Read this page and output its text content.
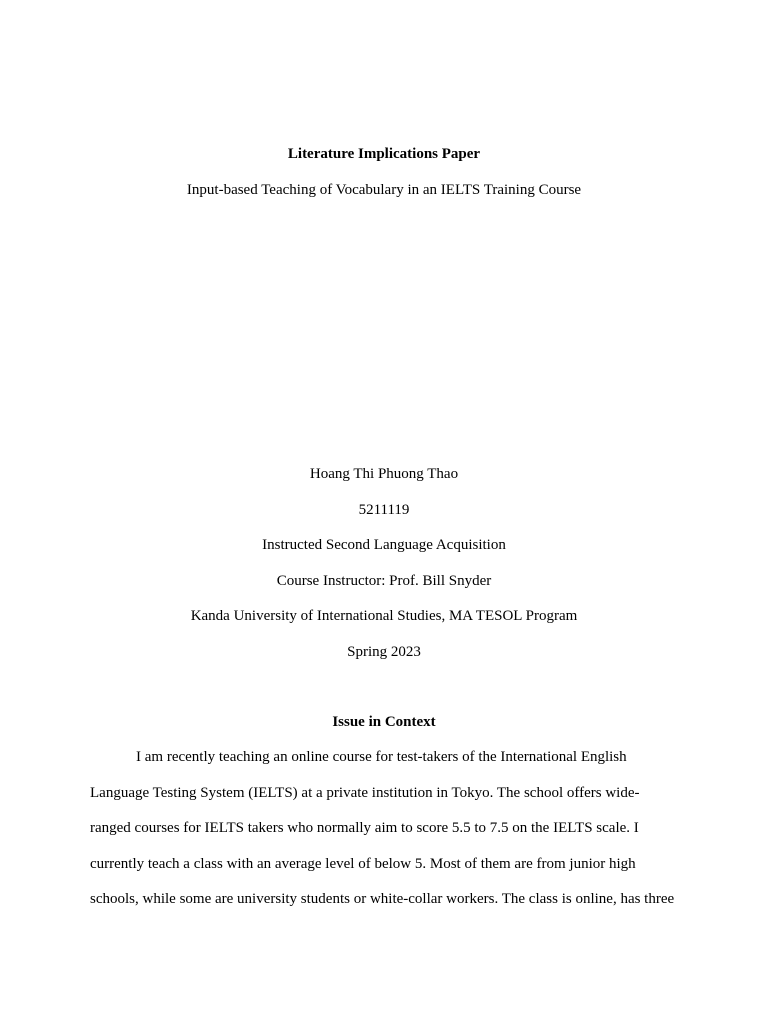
Literature Implications Paper
Input-based Teaching of Vocabulary in an IELTS Training Course
Hoang Thi Phuong Thao
5211119
Instructed Second Language Acquisition
Course Instructor: Prof. Bill Snyder
Kanda University of International Studies, MA TESOL Program
Spring 2023
Issue in Context
I am recently teaching an online course for test-takers of the International English
Language Testing System (IELTS) at a private institution in Tokyo. The school offers wide-
ranged courses for IELTS takers who normally aim to score 5.5 to 7.5 on the IELTS scale. I
currently teach a class with an average level of below 5. Most of them are from junior high
schools, while some are university students or white-collar workers. The class is online, has three
